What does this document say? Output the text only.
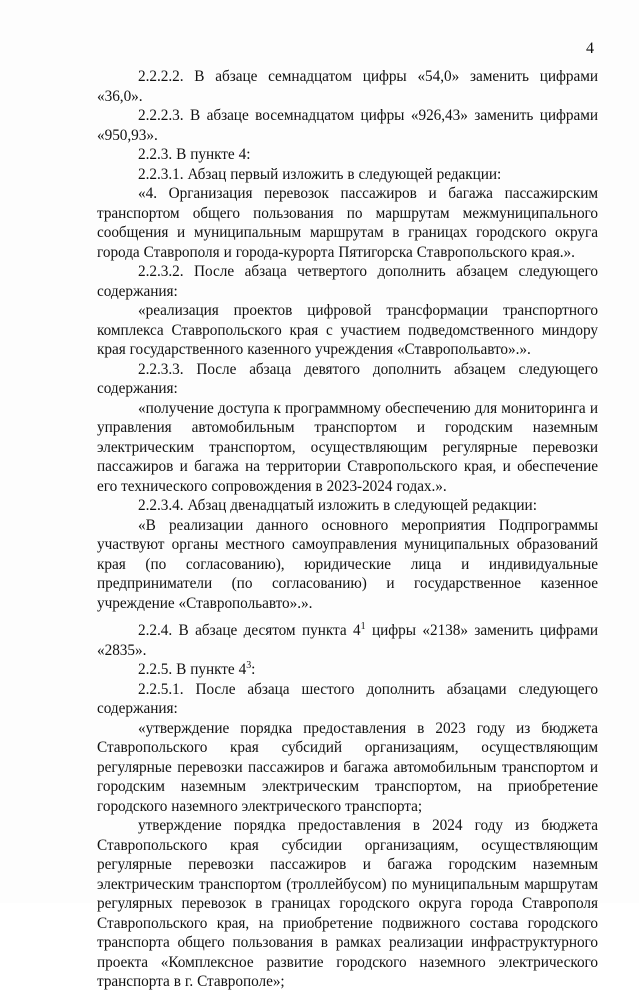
4

2.2.2.2. В абзаце семнадцатом цифры «54,0» заменить цифрами «36,0».

2.2.2.3. В абзаце восемнадцатом цифры «926,43» заменить цифрами «950,93».

2.2.3. В пункте 4:

2.2.3.1. Абзац первый изложить в следующей редакции:

«4. Организация перевозок пассажиров и багажа пассажирским транспортом общего пользования по маршрутам межмуниципального сообщения и муниципальным маршрутам в границах городского округа города Ставрополя и города-курорта Пятигорска Ставропольского края.».

2.2.3.2. После абзаца четвертого дополнить абзацем следующего содержания:

«реализация проектов цифровой трансформации транспортного комплекса Ставропольского края с участием подведомственного миндору края государственного казенного учреждения «Ставропольавто».».

2.2.3.3. После абзаца девятого дополнить абзацем следующего содержания:

«получение доступа к программному обеспечению для мониторинга и управления автомобильным транспортом и городским наземным электрическим транспортом, осуществляющим регулярные перевозки пассажиров и багажа на территории Ставропольского края, и обеспечение его технического сопровождения в 2023-2024 годах.».

2.2.3.4. Абзац двенадцатый изложить в следующей редакции:

«В реализации данного основного мероприятия Подпрограммы участвуют органы местного самоуправления муниципальных образований края (по согласованию), юридические лица и индивидуальные предприниматели (по согласованию) и государственное казенное учреждение «Ставропольавто».».

2.2.4. В абзаце десятом пункта $4^1$ цифры «2138» заменить цифрами «2835».

2.2.5. В пункте $4^3$:

2.2.5.1. После абзаца шестого дополнить абзацами следующего содержания:

«утверждение порядка предоставления в 2023 году из бюджета Ставропольского края субсидий организациям, осуществляющим регулярные перевозки пассажиров и багажа автомобильным транспортом и городским наземным электрическим транспортом, на приобретение городского наземного электрического транспорта;

утверждение порядка предоставления в 2024 году из бюджета Ставропольского края субсидии организациям, осуществляющим регулярные перевозки пассажиров и багажа городским наземным электрическим транспортом (троллейбусом) по муниципальным маршрутам регулярных перевозок в границах городского округа города Ставрополя Ставропольского края, на приобретение подвижного состава городского транспорта общего пользования в рамках реализации инфраструктурного проекта «Комплексное развитие городского наземного электрического транспорта в г. Ставрополе»;
